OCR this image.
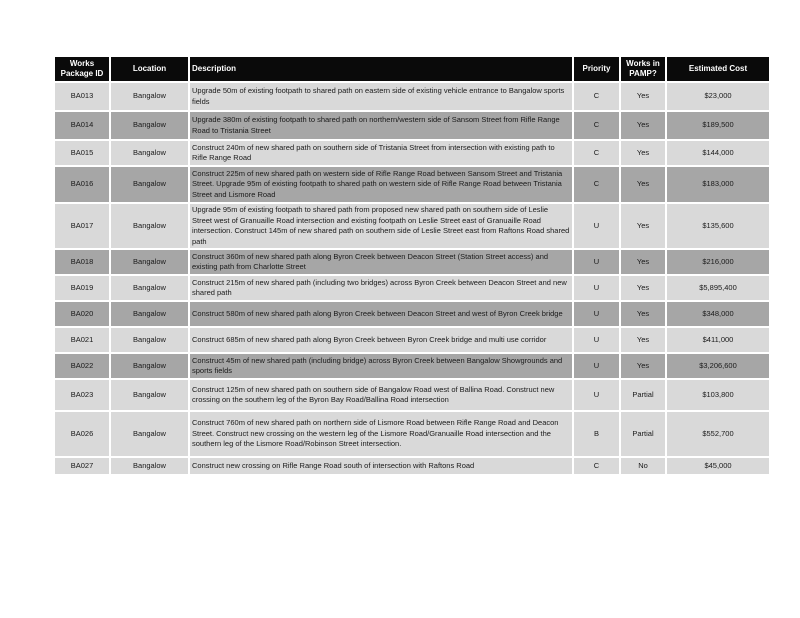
Works Package ID	Location	Description	Priority	Works in PAMP?	Estimated Cost
BA013	Bangalow	Upgrade 50m of existing footpath to shared path on eastern side of existing vehicle entrance to Bangalow sports fields	C	Yes	$23,000
BA014	Bangalow	Upgrade 380m of existing footpath to shared path on northern/western side of Sansom Street from Rifle Range Road to Tristania Street	C	Yes	$189,500
BA015	Bangalow	Construct 240m of new shared path on southern side of Tristania Street from intersection with existing path to Rifle Range Road	C	Yes	$144,000
BA016	Bangalow	Construct 225m of new shared path on western side of Rifle Range Road between Sansom Street and Tristania Street. Upgrade 95m of existing footpath to shared path on western side of Rifle Range Road between Tristania Street and Lismore Road	C	Yes	$183,000
BA017	Bangalow	Upgrade 95m of existing footpath to shared path from proposed new shared path on southern side of Leslie Street west of Granuaille Road intersection and existing footpath on Leslie Street east of Granuaille Road intersection. Construct 145m of new shared path on southern side of Leslie Street east from Raftons Road shared path	U	Yes	$135,600
BA018	Bangalow	Construct 360m of new shared path along Byron Creek between Deacon Street (Station Street access) and existing path from Charlotte Street	U	Yes	$216,000
BA019	Bangalow	Construct 215m of new shared path (including two bridges) across Byron Creek between Deacon Street and new shared path	U	Yes	$5,895,400
BA020	Bangalow	Construct 580m of new shared path along Byron Creek between Deacon Street and west of Byron Creek bridge	U	Yes	$348,000
BA021	Bangalow	Construct 685m of new shared path along Byron Creek between Byron Creek bridge and multi use corridor	U	Yes	$411,000
BA022	Bangalow	Construct 45m of new shared path (including bridge) across Byron Creek between Bangalow Showgrounds and sports fields	U	Yes	$3,206,600
BA023	Bangalow	Construct 125m of new shared path on southern side of Bangalow Road west of Ballina Road. Construct new crossing on the southern leg of the Byron Bay Road/Ballina Road intersection	U	Partial	$103,800
BA026	Bangalow	Construct 760m of new shared path on northern side of Lismore Road between Rifle Range Road and Deacon Street. Construct new crossing on the western leg of the Lismore Road/Granuaille Road intersection and the southern leg of the Lismore Road/Robinson Street intersection.	B	Partial	$552,700
BA027	Bangalow	Construct new crossing on Rifle Range Road south of intersection with Raftons Road	C	No	$45,000
